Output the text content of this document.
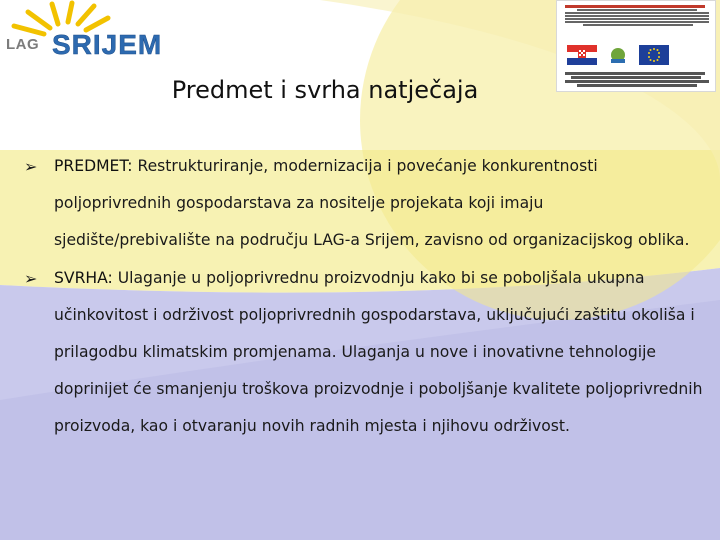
LAG SRIJEM
Predmet i svrha natječaja
➢ PREDMET: Restrukturiranje, modernizacija i povećanje konkurentnosti poljoprivrednih gospodarstava za nositelje projekata koji imaju sjedište/prebivalište na području LAG-a Srijem, zavisno od organizacijskog oblika.
➢ SVRHA: Ulaganje u poljoprivrednu proizvodnju kako bi se poboljšala ukupna učinkovitost i održivost poljoprivrednih gospodarstava, uključujući zaštitu okoliša i prilagodbu klimatskim promjenama. Ulaganja u nove i inovativne tehnologije doprinijet će smanjenju troškova proizvodnje i poboljšanje kvalitete poljoprivrednih proizvoda, kao i otvaranju novih radnih mjesta i njihovu održivost.
